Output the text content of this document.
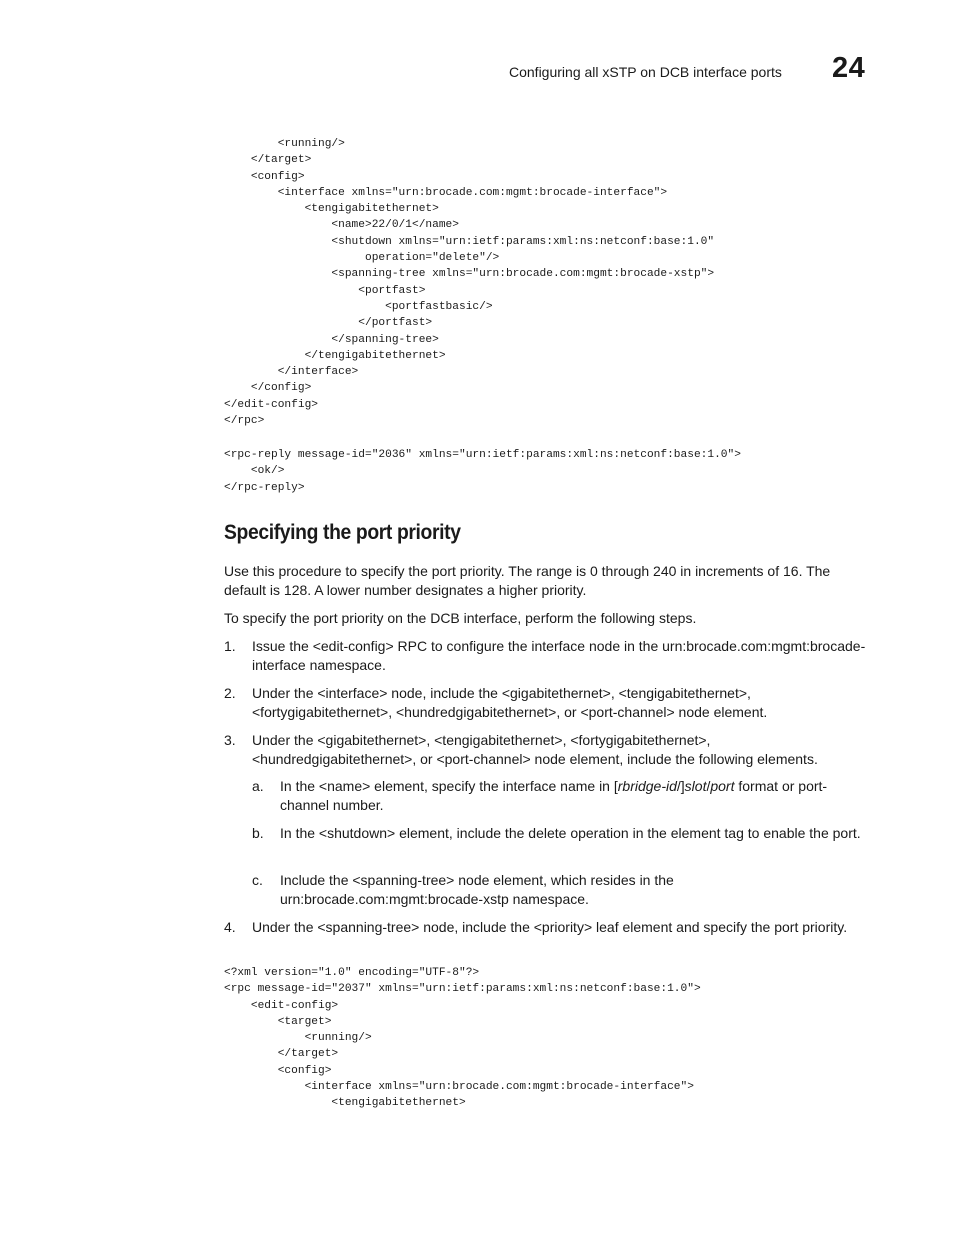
Configuring all xSTP on DCB interface ports 24
<running/>
</target>
<config>
<interface xmlns="urn:brocade.com:mgmt:brocade-interface">
<tengigabitethernet>
<name>22/0/1</name>
<shutdown xmlns="urn:ietf:params:xml:ns:netconf:base:1.0"
operation="delete"/>
<spanning-tree xmlns="urn:brocade.com:mgmt:brocade-xstp">
<portfast>
<portfastbasic/>
</portfast>
</spanning-tree>
</tengigabitethernet>
</interface>
</config>
</edit-config>
</rpc>
<rpc-reply message-id="2036" xmlns="urn:ietf:params:xml:ns:netconf:base:1.0">
<ok/>
</rpc-reply>
Specifying the port priority

Use this procedure to specify the port priority. The range is 0 through 240 in increments of 16. The default is 128. A lower number designates a higher priority.

To specify the port priority on the DCB interface, perform the following steps.

1. Issue the <edit-config> RPC to configure the interface node in the urn:brocade.com:mgmt:brocade-interface namespace.
2. Under the <interface> node, include the <gigabitethernet>, <tengigabitethernet>, <fortygigabitethernet>, <hundredgigabitethernet>, or <port-channel> node element.
3. Under the <gigabitethernet>, <tengigabitethernet>, <fortygigabitethernet>, <hundredgigabitethernet>, or <port-channel> node element, include the following elements.
a. In the <name> element, specify the interface name in [rbridge-id/]slot/port format or port-channel number.
b. In the <shutdown> element, include the delete operation in the element tag to enable the port.
c. Include the <spanning-tree> node element, which resides in the urn:brocade.com:mgmt:brocade-xstp namespace.
4. Under the <spanning-tree> node, include the <priority> leaf element and specify the port priority.
<?xml version="1.0" encoding="UTF-8"?>
<rpc message-id="2037" xmlns="urn:ietf:params:xml:ns:netconf:base:1.0">
<edit-config>
<target>
<running/>
</target>
<config>
<interface xmlns="urn:brocade.com:mgmt:brocade-interface">
<tengigabitethernet>
